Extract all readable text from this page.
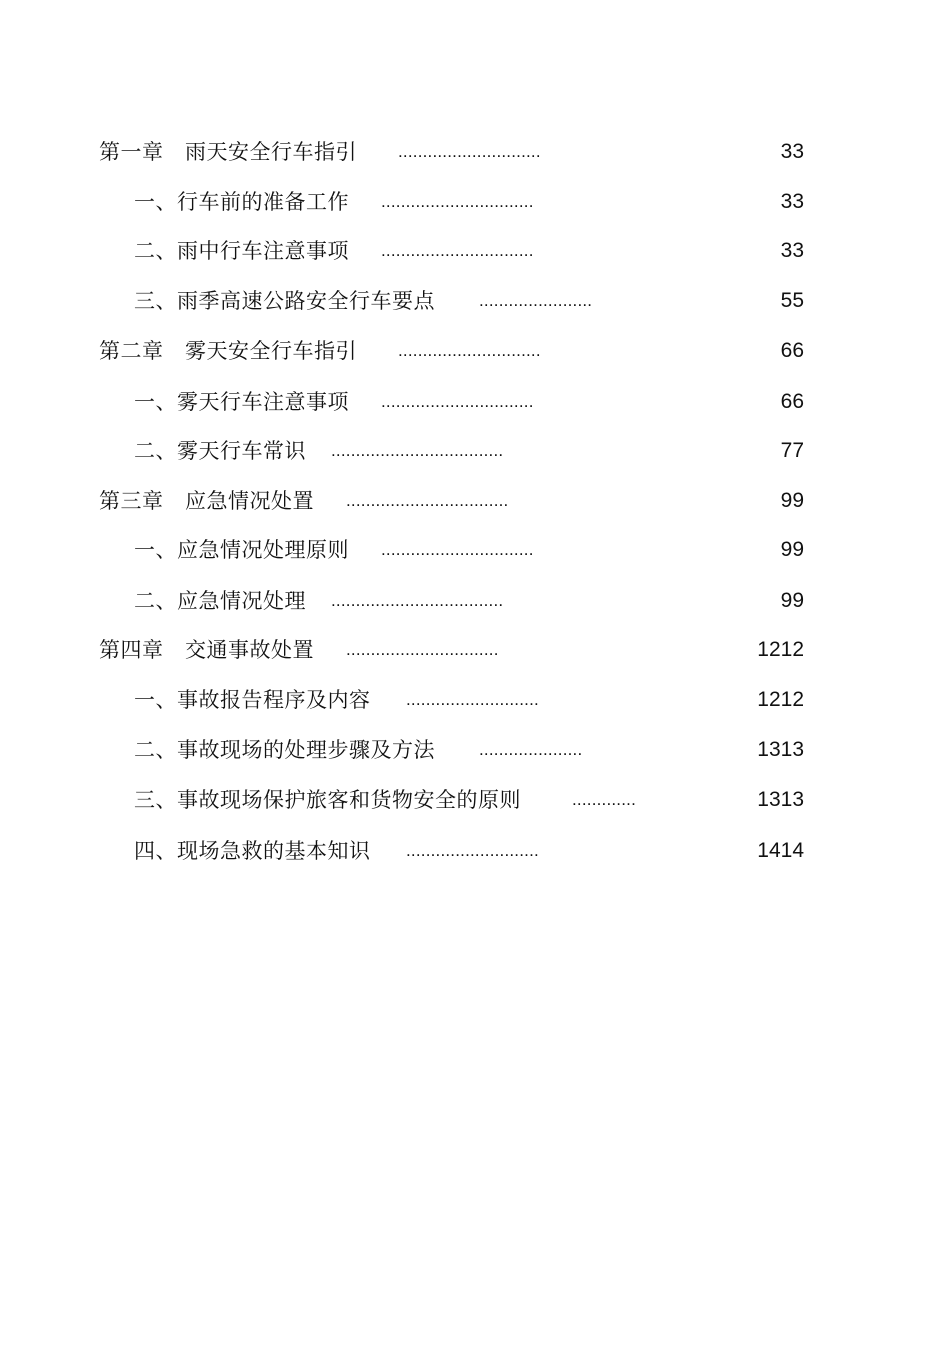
第一章　雨天安全行车指引 .............................	33
一、行车前的准备工作 ...............................	33
二、雨中行车注意事项 ...............................	33
三、雨季高速公路安全行车要点	.......................	55
第二章　雾天安全行车指引 .............................	66
一、雾天行车注意事项 ...............................	66
二、雾天行车常识 ...................................	77
第三章　应急情况处置 .................................	99
一、应急情况处理原则 ...............................	99
二、应急情况处理 ...................................	99
第四章　交通事故处置 ...............................	1212
一、事故报告程序及内容 ...........................	1212
二、事故现场的处理步骤及方法	.....................	1313
三、事故现场保护旅客和货物安全的原则	.............	1313
四、现场急救的基本知识 ...........................	1414
